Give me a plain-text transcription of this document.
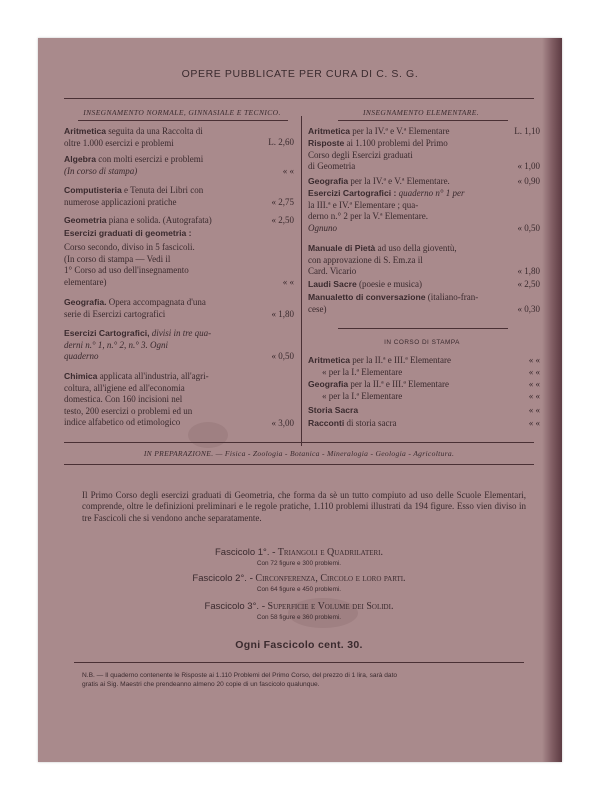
OPERE PUBBLICATE PER CURA DI C. S. G.
INSEGNAMENTO NORMALE, GINNASIALE E TECNICO.	INSEGNAMENTO ELEMENTARE.
Aritmetica seguita da una Raccolta di
oltre 1.000 esercizi e problemi	L. 2,60
Algebra con molti esercizi e problemi
(In corso di stampa)	« «
Computisteria e Tenuta dei Libri con
numerose applicazioni pratiche	« 2,75
Geometria piana e solida. (Autografata)	« 2,50
Esercizi graduati di geometria :
Corso secondo, diviso in 5 fascicoli.
(In corso di stampa — Vedi il
1° Corso ad uso dell'insegnamento
elementare)	« «
Geografia. Opera accompagnata d'una
serie di Esercizi cartografici	« 1,80
Esercizi Cartografici, divisi in tre qua-
derni n.° 1, n.° 2, n.° 3. Ogni
quaderno	« 0,50
Chimica applicata all'industria, all'agri-
coltura, all'igiene ed all'economia
domestica. Con 160 incisioni nel
testo, 200 esercizi o problemi ed un
indice alfabetico od etimologico	« 3,00
Aritmetica per la IV.ª e V.ª Elementare	L. 1,10
Risposte ai 1.100 problemi del Primo
Corso degli Esercizi graduati
di Geometria	« 1,00
Geografia per la IV.ª e V.ª Elementare.	« 0,90
Esercizi Cartografici : quaderno n° 1 per
la III.ª e IV.ª Elementare ; qua-
derno n.° 2 per la V.ª Elementare.
Ognuno	« 0,50
Manuale di Pietà ad uso della gioventù,
con approvazione di S. Em.za il
Card. Vicario	« 1,80
Laudi Sacre (poesie e musica)	« 2,50
Manualetto di conversazione (italiano-fran-
cese)	« 0,30
IN CORSO DI STAMPA
Aritmetica per la II.ª e III.ª Elementare	« «
« per la I.ª Elementare	« «
Geografia per la II.ª e III.ª Elementare	« «
« per la I.ª Elementare	« «
Storia Sacra	« «
Racconti di storia sacra	« «
IN PREPARAZIONE. — Fisica - Zoologia - Botanica - Mineralogia - Geologia - Agricoltura.
Il Primo Corso degli esercizi graduati di Geometria, che forma da sè un tutto compiuto ad uso delle Scuole Elementari, comprende, oltre le definizioni preliminari e le regole pratiche, 1.110 problemi illustrati da 194 figure. Esso vien diviso in tre Fascicoli che si vendono anche separatamente.
Fascicolo 1°. - Triangoli e Quadrilateri.
Con 72 figure e 300 problemi.
Fascicolo 2°. - Circonferenza, Circolo e loro parti.
Con 64 figure e 450 problemi.
Fascicolo 3°. - Superficie e Volume dei Solidi.
Con 58 figure e 360 problemi.
Ogni Fascicolo cent. 30.
N.B. — Il quaderno contenente le Risposte ai 1.110 Problemi del Primo Corso, del prezzo di 1 lira, sarà dato
gratis ai Sig. Maestri che prendeanno almeno 20 copie di un fascicolo qualunque.
